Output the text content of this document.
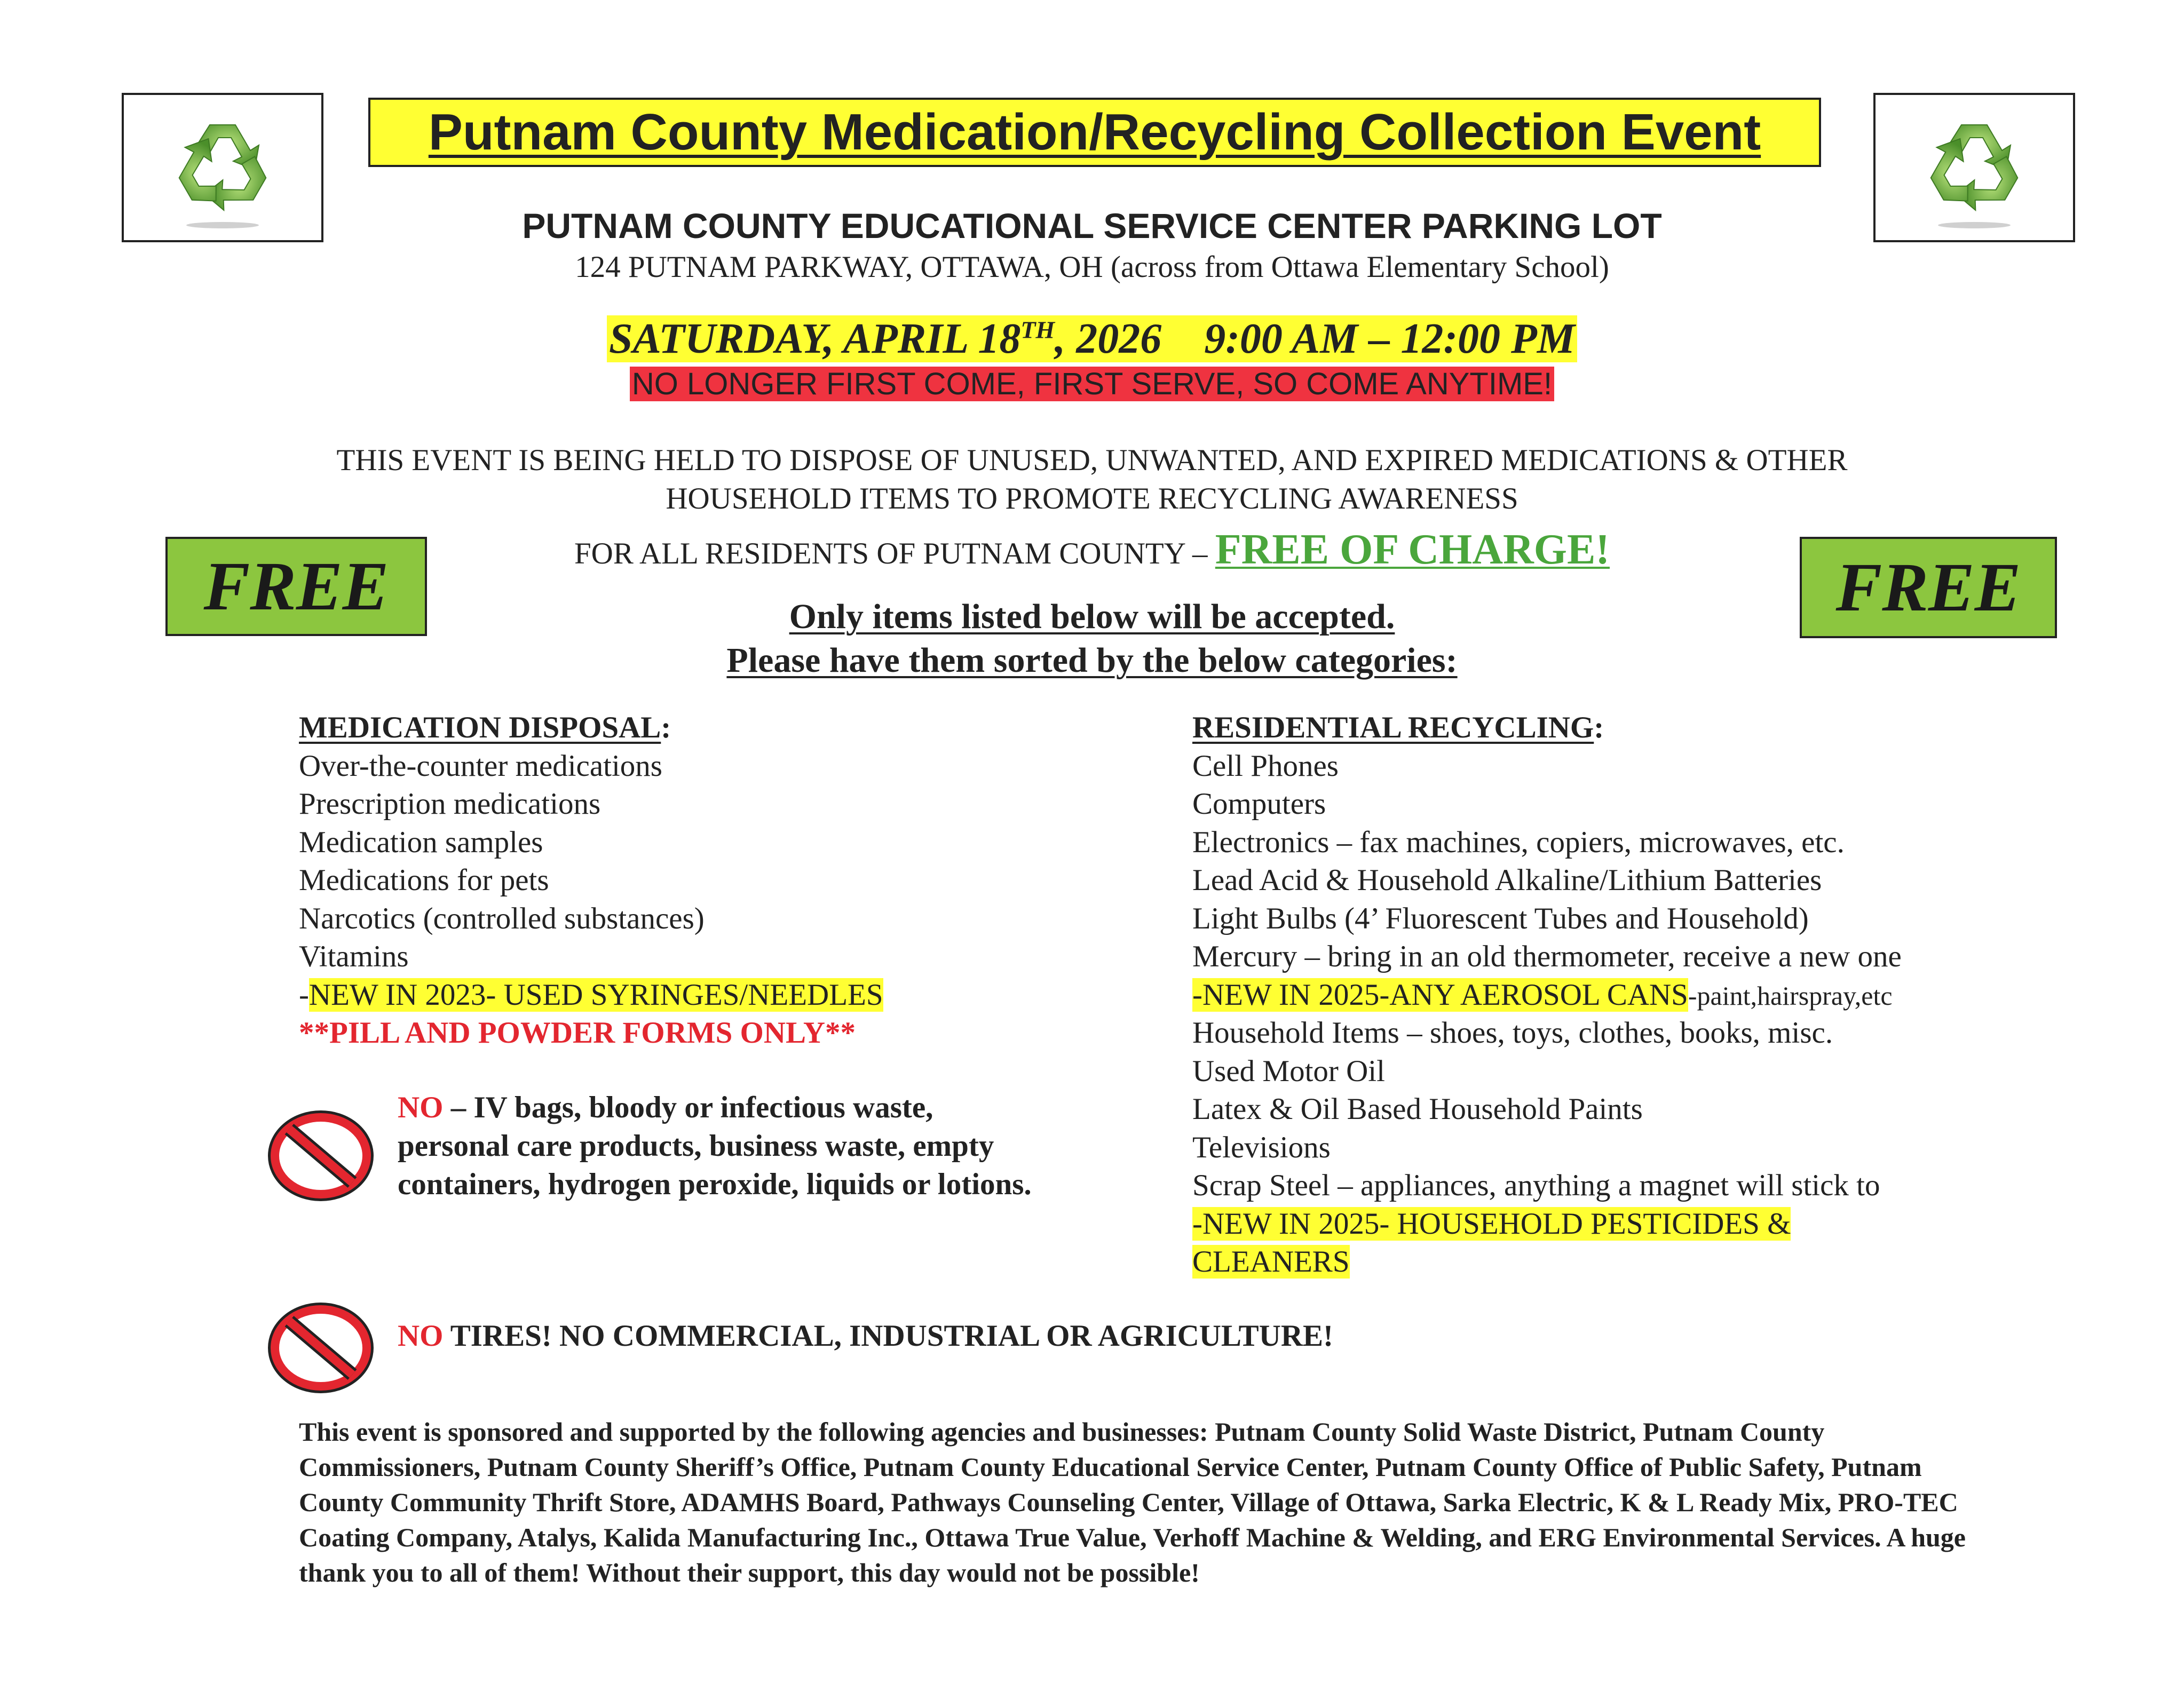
Putnam County Medication/Recycling Collection Event
PUTNAM COUNTY EDUCATIONAL SERVICE CENTER PARKING LOT
124 PUTNAM PARKWAY, OTTAWA, OH (across from Ottawa Elementary School)
SATURDAY, APRIL 18TH, 2026 9:00 AM – 12:00 PM
NO LONGER FIRST COME, FIRST SERVE, SO COME ANYTIME!
THIS EVENT IS BEING HELD TO DISPOSE OF UNUSED, UNWANTED, AND EXPIRED MEDICATIONS & OTHER
HOUSEHOLD ITEMS TO PROMOTE RECYCLING AWARENESS
FOR ALL RESIDENTS OF PUTNAM COUNTY – FREE OF CHARGE!
FREE	FREE
Only items listed below will be accepted.
Please have them sorted by the below categories:
MEDICATION DISPOSAL:
Over-the-counter medications
Prescription medications
Medication samples
Medications for pets
Narcotics (controlled substances)
Vitamins
-NEW IN 2023- USED SYRINGES/NEEDLES
**PILL AND POWDER FORMS ONLY**
NO – IV bags, bloody or infectious waste,
personal care products, business waste, empty
containers, hydrogen peroxide, liquids or lotions.
RESIDENTIAL RECYCLING:
Cell Phones
Computers
Electronics – fax machines, copiers, microwaves, etc.
Lead Acid & Household Alkaline/Lithium Batteries
Light Bulbs (4’ Fluorescent Tubes and Household)
Mercury – bring in an old thermometer, receive a new one
-NEW IN 2025-ANY AEROSOL CANS-paint,hairspray,etc
Household Items – shoes, toys, clothes, books, misc.
Used Motor Oil
Latex & Oil Based Household Paints
Televisions
Scrap Steel – appliances, anything a magnet will stick to
-NEW IN 2025- HOUSEHOLD PESTICIDES &
CLEANERS
NO TIRES! NO COMMERCIAL, INDUSTRIAL OR AGRICULTURE!
This event is sponsored and supported by the following agencies and businesses: Putnam County Solid Waste District, Putnam County Commissioners, Putnam County Sheriff’s Office, Putnam County Educational Service Center, Putnam County Office of Public Safety, Putnam County Community Thrift Store, ADAMHS Board, Pathways Counseling Center, Village of Ottawa, Sarka Electric, K & L Ready Mix, PRO-TEC Coating Company, Atalys, Kalida Manufacturing Inc., Ottawa True Value, Verhoff Machine & Welding, and ERG Environmental Services. A huge thank you to all of them! Without their support, this day would not be possible!
